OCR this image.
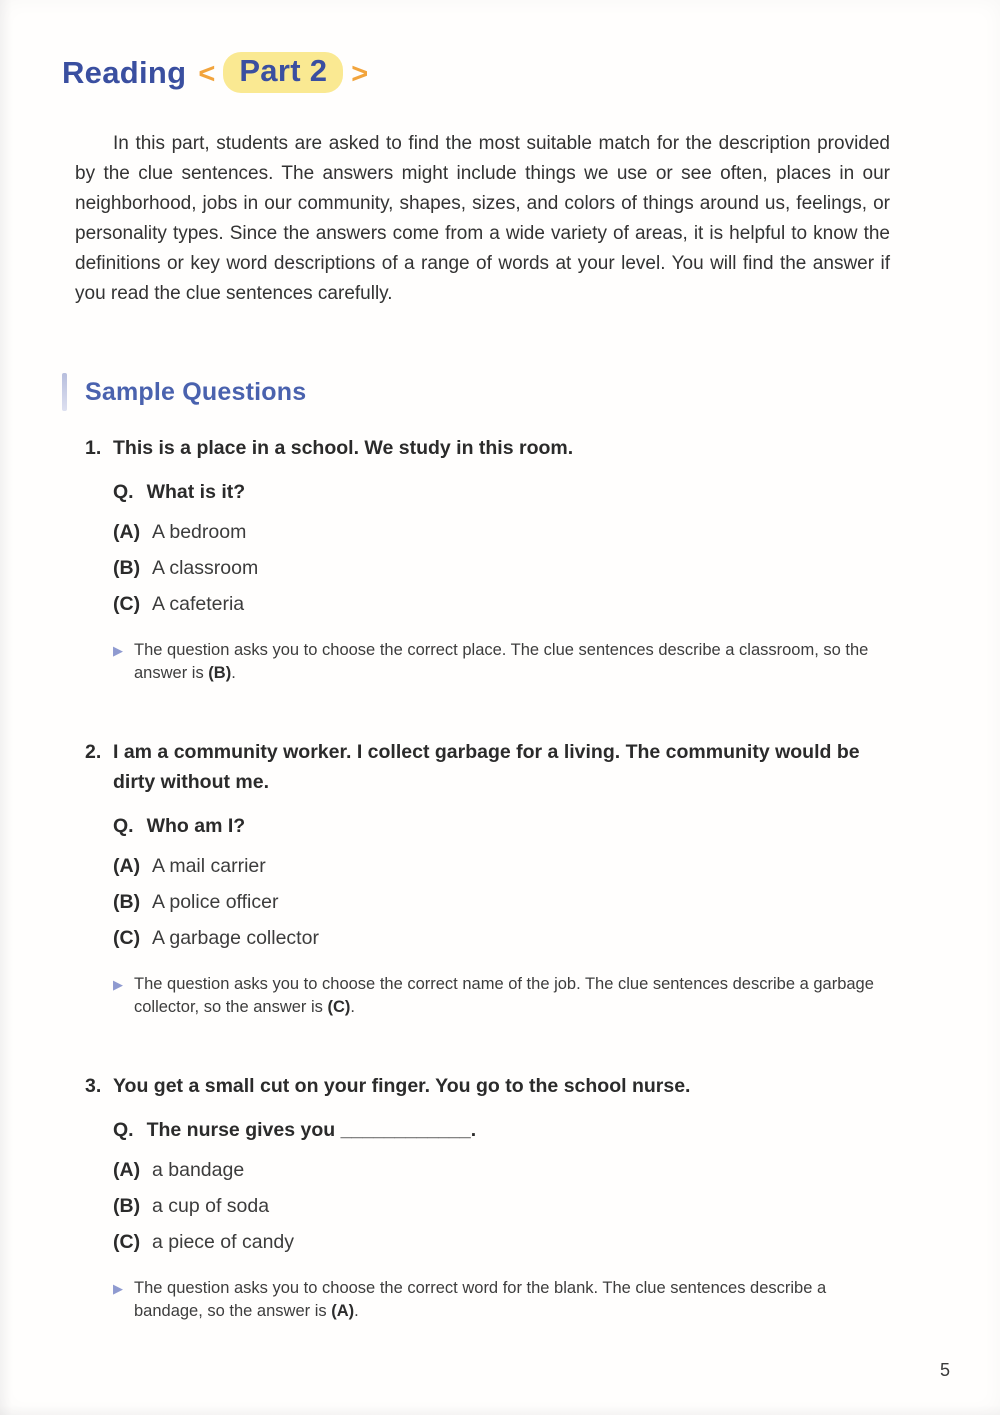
Reading < Part 2 >

In this part, students are asked to find the most suitable match for the description provided by the clue sentences. The answers might include things we use or see often, places in our neighborhood, jobs in our community, shapes, sizes, and colors of things around us, feelings, or personality types. Since the answers come from a wide variety of areas, it is helpful to know the definitions or key word descriptions of a range of words at your level. You will find the answer if you read the clue sentences carefully.

Sample Questions
1. This is a place in a school. We study in this room.
Q. What is it?
(A) A bedroom
(B) A classroom
(C) A cafeteria
▶ The question asks you to choose the correct place. The clue sentences describe a classroom, so the answer is (B).
2. I am a community worker. I collect garbage for a living. The community would be dirty without me.
Q. Who am I?
(A) A mail carrier
(B) A police officer
(C) A garbage collector
▶ The question asks you to choose the correct name of the job. The clue sentences describe a garbage collector, so the answer is (C).
3. You get a small cut on your finger. You go to the school nurse.
Q. The nurse gives you ____________.
(A) a bandage
(B) a cup of soda
(C) a piece of candy
▶ The question asks you to choose the correct word for the blank. The clue sentences describe a bandage, so the answer is (A).
5
